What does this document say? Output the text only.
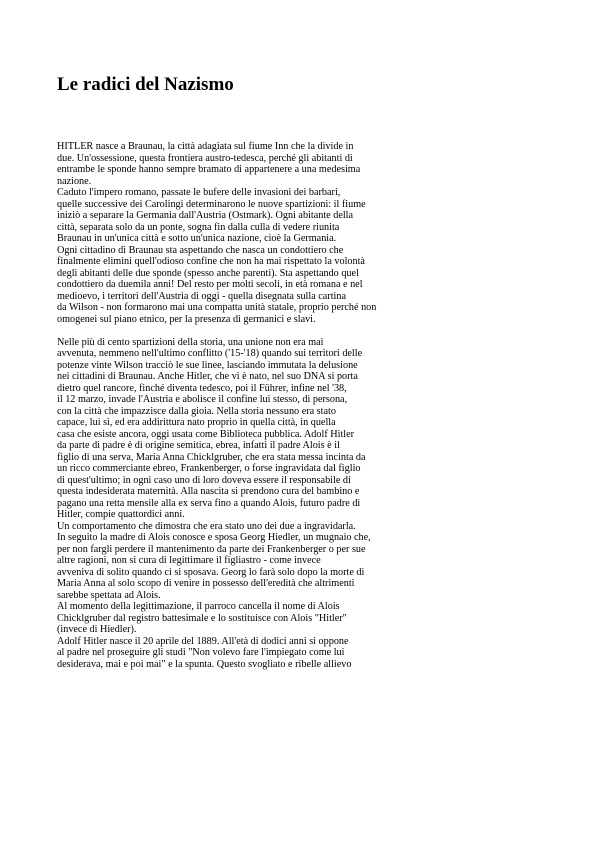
Le radici del Nazismo
HITLER nasce a Braunau, la città adagiata sul fiume Inn che la divide in
due. Un'ossessione, questa frontiera austro-tedesca, perché gli abitanti di
entrambe le sponde hanno sempre bramato di appartenere a una medesima
nazione.
Caduto l'impero romano, passate le bufere delle invasioni dei barbari,
quelle successive dei Carolingi determinarono le nuove spartizioni: il fiume
iniziò a separare la Germania dall'Austria (Ostmark). Ogni abitante della
città, separata solo da un ponte, sogna fin dalla culla di vedere riunita
Braunau in un'unica città e sotto un'unica nazione, cioè la Germania.
Ogni cittadino di Braunau sta aspettando che nasca un condottiero che
finalmente elimini quell'odioso confine che non ha mai rispettato la volontà
degli abitanti delle due sponde (spesso anche parenti). Sta aspettando quel
condottiero da duemila anni! Del resto per molti secoli, in età romana e nel
medioevo, i territori dell'Austria di oggi - quella disegnata sulla cartina
da Wilson - non formarono mai una compatta unità statale, proprio perché non
omogenei sul piano etnico, per la presenza di germanici e slavi.
Nelle più di cento spartizioni della storia, una unione non era mai
avvenuta, nemmeno nell'ultimo conflitto ('15-'18) quando sui territori delle
potenze vinte Wilson tracciò le sue linee, lasciando immutata la delusione
nei cittadini di Braunau. Anche Hitler, che vi è nato, nel suo DNA si porta
dietro quel rancore, finché diventa tedesco, poi il Führer, infine nel '38,
il 12 marzo, invade l'Austria e abolisce il confine lui stesso, di persona,
con la città che impazzisce dalla gioia. Nella storia nessuno era stato
capace, lui sì, ed era addirittura nato proprio in quella città, in quella
casa che esiste ancora, oggi usata come Biblioteca pubblica. Adolf Hitler
da parte di padre è di origine semitica, ebrea, infatti il padre Alois è il
figlio di una serva, Maria Anna Chicklgruber, che era stata messa incinta da
un ricco commerciante ebreo, Frankenberger, o forse ingravidata dal figlio
di quest'ultimo; in ogni caso uno di loro doveva essere il responsabile di
questa indesiderata maternità. Alla nascita si prendono cura del bambino e
pagano una retta mensile alla ex serva fino a quando Alois, futuro padre di
Hitler, compie quattordici anni.
Un comportamento che dimostra che era stato uno dei due a ingravidarla.
In seguito la madre di Alois conosce e sposa Georg Hiedler, un mugnaio che,
per non fargli perdere il mantenimento da parte dei Frankenberger o per sue
altre ragioni, non si cura di legittimare il figliastro - come invece
avveniva di solito quando ci si sposava. Georg lo farà solo dopo la morte di
Maria Anna al solo scopo di venire in possesso dell'eredità che altrimenti
sarebbe spettata ad Alois.
Al momento della legittimazione, il parroco cancella il nome di Alois
Chicklgruber dal registro battesimale e lo sostituisce con Alois "Hitler"
(invece di Hiedler).
Adolf Hitler nasce il 20 aprile del 1889. All'età di dodici anni si oppone
al padre nel proseguire gli studi "Non volevo fare l'impiegato come lui
desiderava, mai e poi mai" e la spunta. Questo svogliato e ribelle allievo
